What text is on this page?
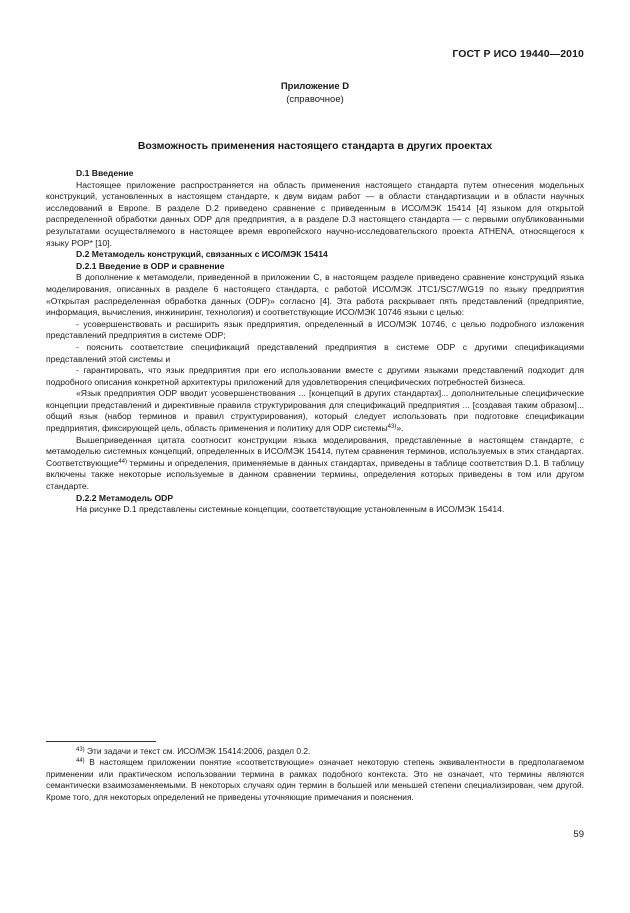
ГОСТ Р ИСО 19440—2010
Приложение D
(справочное)
Возможность применения настоящего стандарта в других проектах

D.1 Введение

Настоящее приложение распространяется на область применения настоящего стандарта путем отнесения модельных конструкций, установленных в настоящем стандарте, к двум видам работ — в области стандартизации и в области научных исследований в Европе. В разделе D.2 приведено сравнение с приведенным в ИСО/МЭК 15414 [4] языком для открытой распределенной обработки данных ODP для предприятия, а в разделе D.3 настоящего стандарта — с первыми опубликованными результатами осуществляемого в настоящее время европейского научно-исследовательского проекта ATHENA, относящегося к языку POP* [10].

D.2 Метамодель конструкций, связанных с ИСО/МЭК 15414

D.2.1 Введение в ODP и сравнение

В дополнение к метамодели, приведенной в приложении C, в настоящем разделе приведено сравнение конструкций языка моделирования, описанных в разделе 6 настоящего стандарта, с работой ИСО/МЭК JTC1/SC7/WG19 по языку предприятия «Открытая распределенная обработка данных (ODP)» согласно [4]. Эта работа раскрывает пять представлений (предприятие, информация, вычисления, инжиниринг, технология) и соответствующие ИСО/МЭК 10746 языки с целью:

- усовершенствовать и расширить язык предприятия, определенный в ИСО/МЭК 10746, с целью подробного изложения представлений предприятия в системе ODP;

- пояснить соответствие спецификаций представлений предприятия в системе ODP с другими спецификациями представлений этой системы и

- гарантировать, что язык предприятия при его использовании вместе с другими языками представлений подходит для подробного описания конкретной архитектуры приложений для удовлетворения специфических потребностей бизнеса.

«Язык предприятия ODP вводит усовершенствования ... [концепций в других стандартах]... дополнительные специфические концепции представлений и директивные правила структурирования для спецификаций предприятия ... [создавая таким образом]... общий язык (набор терминов и правил структурирования), который следует использовать при подготовке спецификации предприятия, фиксирующей цель, область применения и политику для ODP системы$^{43)}$».

Вышеприведенная цитата соотносит конструкции языка моделирования, представленные в настоящем стандарте, с метамоделью системных концепций, определенных в ИСО/МЭК 15414, путем сравнения терминов, используемых в этих стандартах. Соответствующие$^{44)}$ термины и определения, применяемые в данных стандартах, приведены в таблице соответствия D.1. В таблицу включены также некоторые используемые в данном сравнении термины, определения которых приведены в том или другом стандарте.

D.2.2 Метамодель ODP

На рисунке D.1 представлены системные концепции, соответствующие установленным в ИСО/МЭК 15414.

$^{43)}$ Эти задачи и текст см. ИСО/МЭК 15414:2006, раздел 0.2.

$^{44)}$ В настоящем приложении понятие «соответствующие» означает некоторую степень эквивалентности в предполагаемом применении или практическом использовании термина в рамках подобного контекста. Это не означает, что термины являются семантически взаимозаменяемыми. В некоторых случаях один термин в большей или меньшей степени специализирован, чем другой. Кроме того, для некоторых определений не приведены уточняющие примечания и пояснения.

59
